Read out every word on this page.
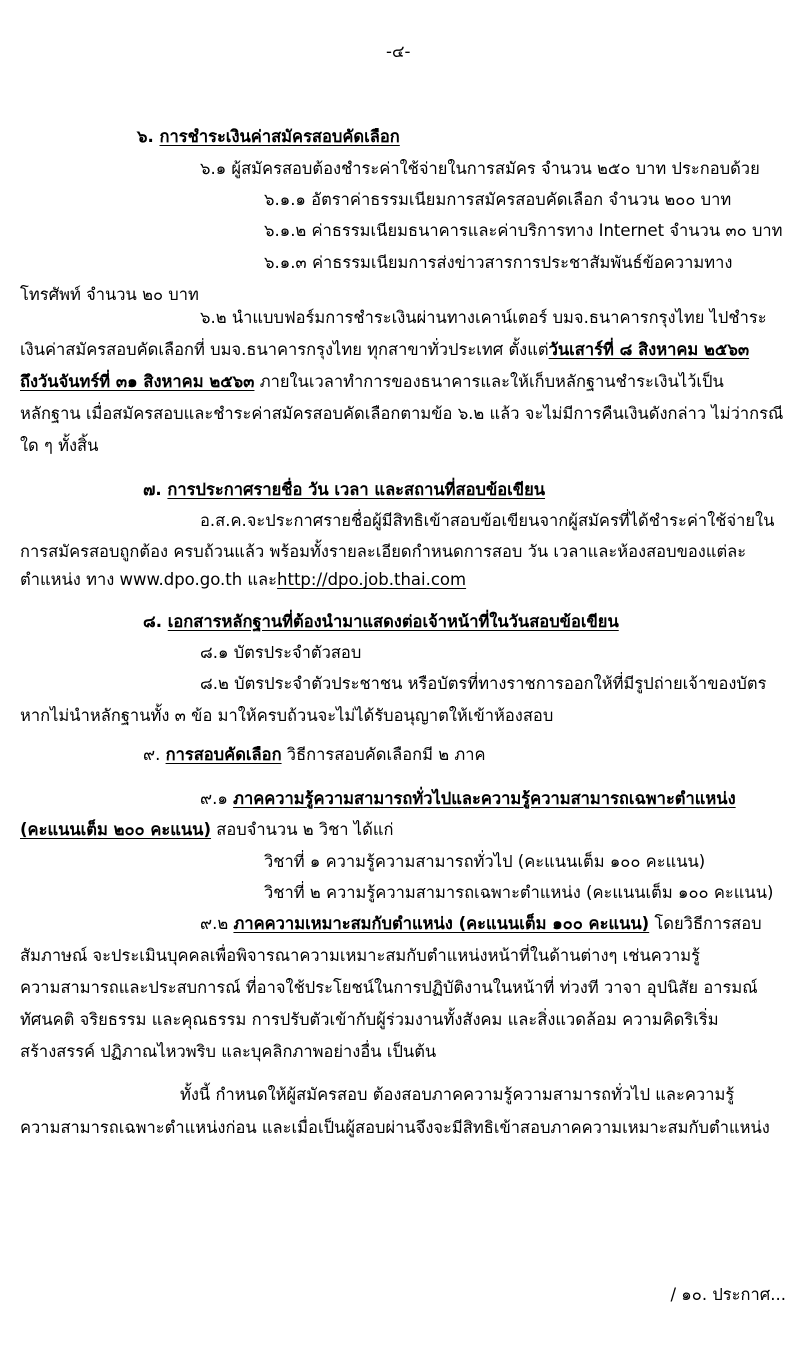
-๔-
๖. การชำระเงินค่าสมัครสอบคัดเลือก
๖.๑ ผู้สมัครสอบต้องชำระค่าใช้จ่ายในการสมัคร จำนวน ๒๕๐ บาท ประกอบด้วย
๖.๑.๑ อัตราค่าธรรมเนียมการสมัครสอบคัดเลือก จำนวน ๒๐๐ บาท
๖.๑.๒ ค่าธรรมเนียมธนาคารและค่าบริการทาง Internet จำนวน ๓๐ บาท
๖.๑.๓ ค่าธรรมเนียมการส่งข่าวสารการประชาสัมพันธ์ข้อความทาง
โทรศัพท์ จำนวน ๒๐ บาท
๖.๒ นำแบบฟอร์มการชำระเงินผ่านทางเคาน์เตอร์ บมจ.ธนาคารกรุงไทย ไปชำระ
เงินค่าสมัครสอบคัดเลือกที่ บมจ.ธนาคารกรุงไทย ทุกสาขาทั่วประเทศ ตั้งแต่วันเสาร์ที่ ๘ สิงหาคม ๒๕๖๓
ถึงวันจันทร์ที่ ๓๑ สิงหาคม ๒๕๖๓ ภายในเวลาทำการของธนาคารและให้เก็บหลักฐานชำระเงินไว้เป็น
หลักฐาน เมื่อสมัครสอบและชำระค่าสมัครสอบคัดเลือกตามข้อ ๖.๒ แล้ว จะไม่มีการคืนเงินดังกล่าว ไม่ว่ากรณี
ใด ๆ ทั้งสิ้น
๗. การประกาศรายชื่อ วัน เวลา และสถานที่สอบข้อเขียน
อ.ส.ค.จะประกาศรายชื่อผู้มีสิทธิเข้าสอบข้อเขียนจากผู้สมัครที่ได้ชำระค่าใช้จ่ายใน
การสมัครสอบถูกต้อง ครบถ้วนแล้ว พร้อมทั้งรายละเอียดกำหนดการสอบ วัน เวลาและห้องสอบของแต่ละ
ตำแหน่ง ทาง www.dpo.go.th และhttp://dpo.job.thai.com
๘. เอกสารหลักฐานที่ต้องนำมาแสดงต่อเจ้าหน้าที่ในวันสอบข้อเขียน
๘.๑ บัตรประจำตัวสอบ
๘.๒ บัตรประจำตัวประชาชน หรือบัตรที่ทางราชการออกให้ที่มีรูปถ่ายเจ้าของบัตร
หากไม่นำหลักฐานทั้ง ๓ ข้อ มาให้ครบถ้วนจะไม่ได้รับอนุญาตให้เข้าห้องสอบ
๙. การสอบคัดเลือก วิธีการสอบคัดเลือกมี ๒ ภาค
๙.๑ ภาคความรู้ความสามารถทั่วไปและความรู้ความสามารถเฉพาะตำแหน่ง
(คะแนนเต็ม ๒๐๐ คะแนน) สอบจำนวน ๒ วิชา ได้แก่
วิชาที่ ๑ ความรู้ความสามารถทั่วไป (คะแนนเต็ม ๑๐๐ คะแนน)
วิชาที่ ๒ ความรู้ความสามารถเฉพาะตำแหน่ง (คะแนนเต็ม ๑๐๐ คะแนน)
๙.๒ ภาคความเหมาะสมกับตำแหน่ง (คะแนนเต็ม ๑๐๐ คะแนน) โดยวิธีการสอบ
สัมภาษณ์ จะประเมินบุคคลเพื่อพิจารณาความเหมาะสมกับตำแหน่งหน้าที่ในด้านต่างๆ เช่นความรู้
ความสามารถและประสบการณ์ ที่อาจใช้ประโยชน์ในการปฏิบัติงานในหน้าที่ ท่วงที วาจา อุปนิสัย อารมณ์
ทัศนคติ จริยธรรม และคุณธรรม การปรับตัวเข้ากับผู้ร่วมงานทั้งสังคม และสิ่งแวดล้อม ความคิดริเริ่ม
สร้างสรรค์ ปฏิภาณไหวพริบ และบุคลิกภาพอย่างอื่น เป็นต้น
ทั้งนี้ กำหนดให้ผู้สมัครสอบ ต้องสอบภาคความรู้ความสามารถทั่วไป และความรู้
ความสามารถเฉพาะตำแหน่งก่อน และเมื่อเป็นผู้สอบผ่านจึงจะมีสิทธิเข้าสอบภาคความเหมาะสมกับตำแหน่ง
/ ๑๐. ประกาศ...
